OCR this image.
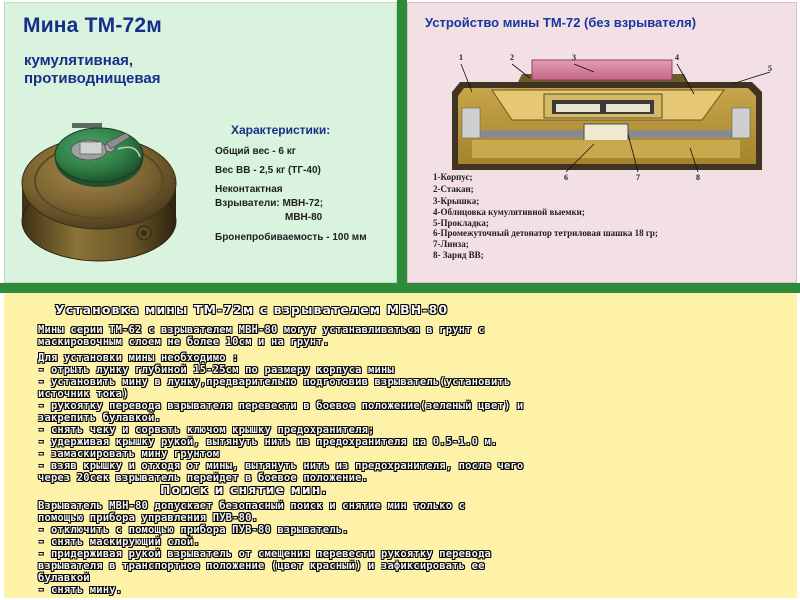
Мина ТМ-72м
кумулятивная,
противоднищевая
Характеристики:
Общий вес - 6 кг
Вес ВВ - 2,5 кг (ТГ-40)
Неконтактная
Взрыватели: МВН-72;
МВН-80
Бронепробиваемость - 100 мм
Устройство мины ТМ-72 (без взрывателя)
1	2	3	4
5
6	7	8
1-Корпус;
2-Стакан;
3-Крышка;
4-Облицовка кумулятивной выемки;
5-Прокладка;
6-Промежуточный детонатор тетриловая шашка 18 гр;
7-Линза;
8- Заряд ВВ;
Установка мины ТМ-72м с взрывателем МВН-80
Мины серии ТМ-62 с взрывателем МВН-80 могут устанавливаться в грунт с
маскировочным слоем не более 10см и на грунт.
Для установки мины необходимо :
- отрыть лунку глубиной 15-25см по размеру корпуса мины
- установить мину в лунку,предварительно подготовив взрыватель(установить
источник тока)
- рукоятку перевода взрывателя перевести в боевое положение(зеленый цвет) и
закрепить булавкой.
- снять чеку и сорвать ключом крышку предохранителя;
- удерживая крышку рукой, вытянуть нить из предохранителя на 0.5-1.0 м.
- замаскировать мину грунтом
- взяв крышку и отходя от мины, вытянуть нить из предохранителя, после чего
через 20сек взрыватель перейдет в боевое положение.
Поиск и снятие мин.
Взрыватель МВН-80 допускает безопасный поиск и снятие мин только с
помощью прибора управления ПУВ-80.
- отключить с помощью прибора ПУВ-80 взрыватель.
- снять маскирующий слой.
- придерживая рукой взрыватель от смещения перевести рукоятку перевода
взрывателя в транспортное положение (цвет красный) и зафиксировать ее
булавкой
- снять мину.
